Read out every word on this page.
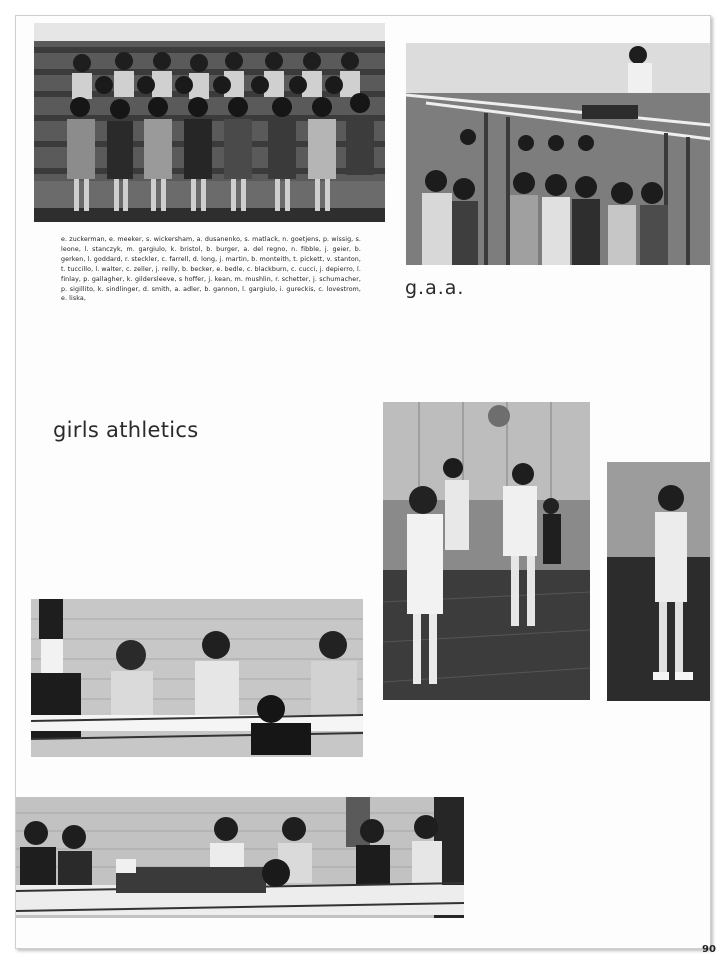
e. zuckerman, e. meeker, s. wickersham, a. dusanenko, s. matlack, n. goetjens, p. wissig, s. leone, l. stanczyk, m. gargiulo, k. bristol, b. burger, a. del regno, n. fibble, j. geier, b. gerken, l. goddard, r. steckler, c. farrell, d. long, j. martin, b. monteith, t. pickett, v. stanton, t. tuccillo, l. walter, c. zeller, j. reilly, b. becker, e. bedle, c. blackburn, c. cucci, j. depierro, l. finlay, p. gallagher, k. gildersleeve, s hoffer, j. kean, m. mushlin, r. schetter, j. schumacher, p. sigillito, k. sindlinger, d. smith, a. adler, b. gannon, l. gargiulo, i. gureckis, c. lovestrom, e. liska,	g.a.a.
girls athletics
90
